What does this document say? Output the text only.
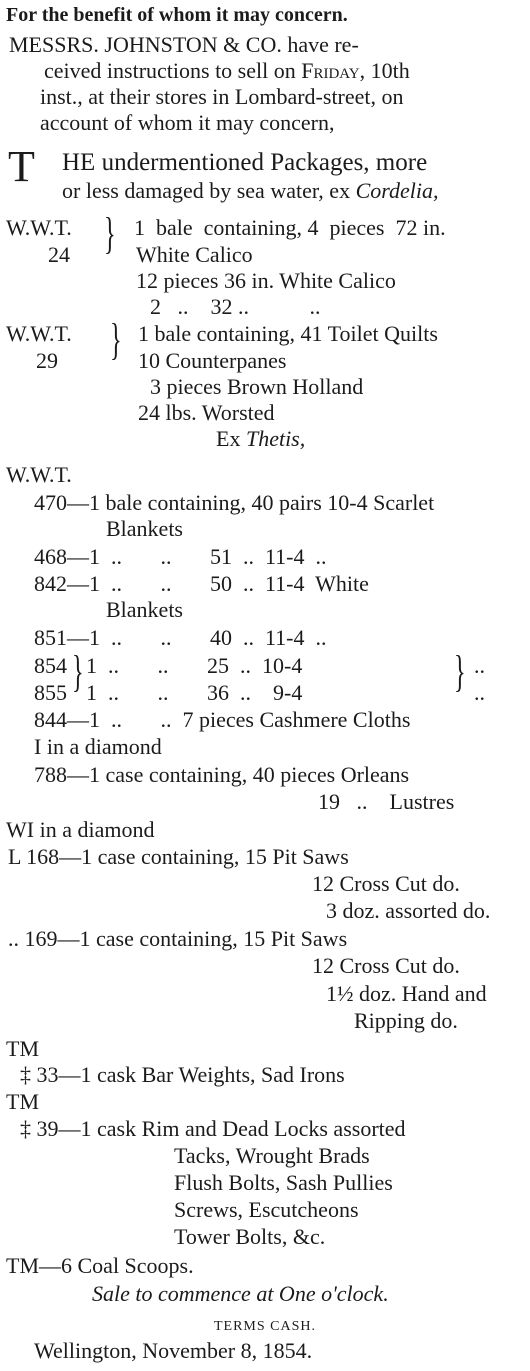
For the benefit of whom it may concern.
MESSRS. JOHNSTON & CO. have re-
ceived instructions to sell on Friday, 10th
inst., at their stores in Lombard-street, on
account of whom it may concern,
T HE undermentioned Packages, more
or less damaged by sea water, ex Cordelia,
W.W.T.
24 } 1  bale  containing, 4  pieces  72 in.
White Calico
12 pieces 36 in. White Calico
2   ..    32 ..           ..
W.W.T.
29 } 1 bale containing, 41 Toilet Quilts
10 Counterpanes
3 pieces Brown Holland
24 lbs. Worsted
Ex Thetis,
W.W.T.
470—1 bale containing, 40 pairs 10-4 Scarlet
Blankets
468—1  ..       ..       51  ..  11-4  ..
842—1  ..       ..       50  ..  11-4  White
Blankets
851—1  ..       ..       40  ..  11-4  ..
854
855 } 1  ..       ..       25  ..  10-4
1  ..       ..       36  ..    9-4	} ..
..
844—1  ..       ..  7 pieces Cashmere Cloths
I in a diamond
788—1 case containing, 40 pieces Orleans
19   ..    Lustres
WI in a diamond
L 168—1 case containing, 15 Pit Saws
12 Cross Cut do.
3 doz. assorted do.
.. 169—1 case containing, 15 Pit Saws
12 Cross Cut do.
1½ doz. Hand and
Ripping do.
TM
‡ 33—1 cask Bar Weights, Sad Irons
TM
‡ 39—1 cask Rim and Dead Locks assorted
Tacks, Wrought Brads
Flush Bolts, Sash Pullies
Screws, Escutcheons
Tower Bolts, &c.
TM—6 Coal Scoops.
Sale to commence at One o'clock.
TERMS CASH.
Wellington, November 8, 1854.
